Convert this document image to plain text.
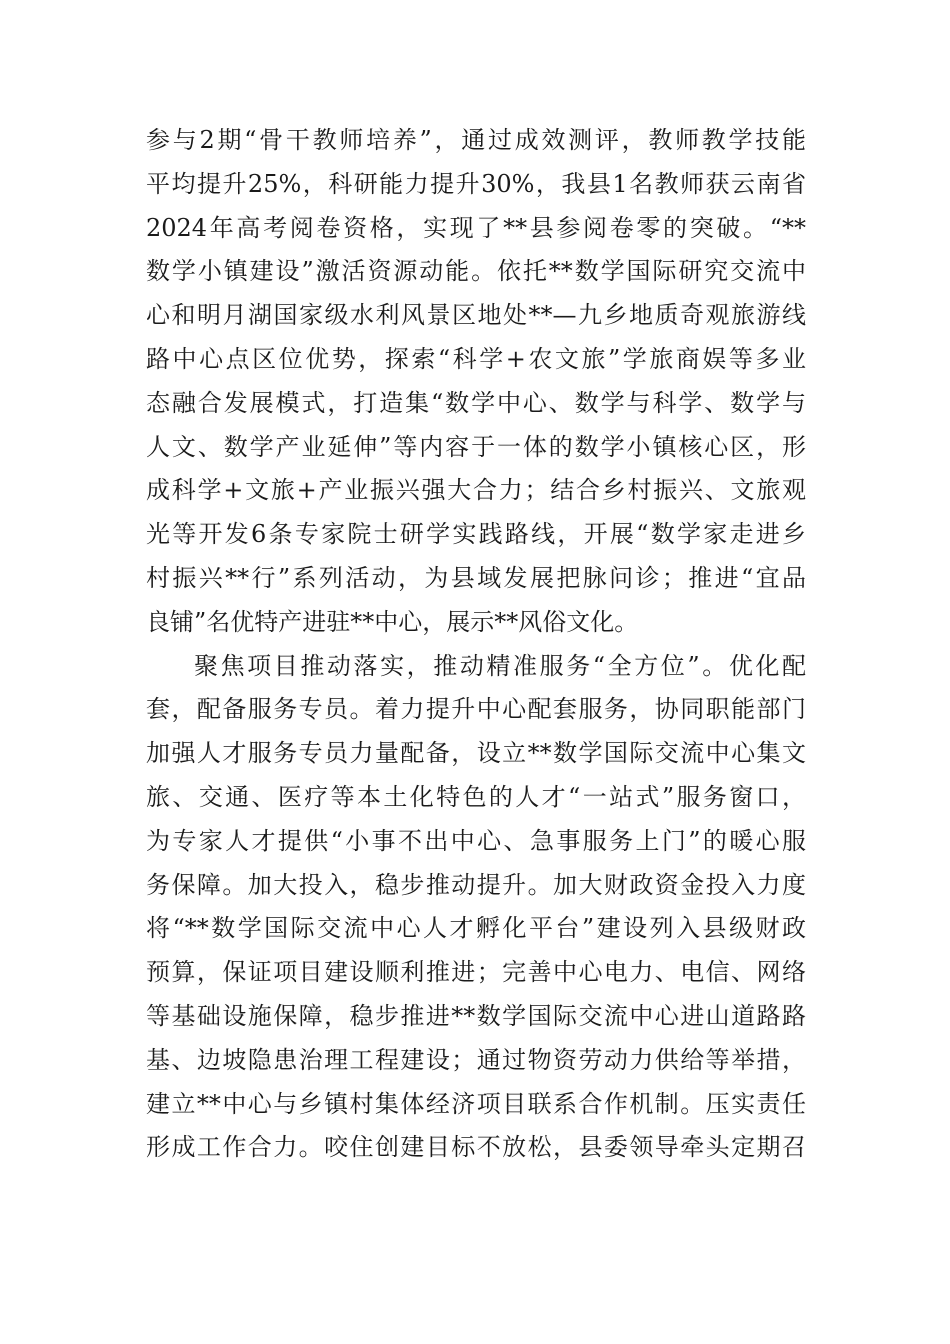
参与2期“骨干教师培养”，通过成效测评，教师教学技能
平均提升25%，科研能力提升30%，我县1名教师获云南省
2024年高考阅卷资格，实现了**县参阅卷零的突破。“**
数学小镇建设”激活资源动能。依托**数学国际研究交流中
心和明月湖国家级水利风景区地处**—九乡地质奇观旅游线
路中心点区位优势，探索“科学+农文旅”学旅商娱等多业
态融合发展模式，打造集“数学中心、数学与科学、数学与
人文、数学产业延伸”等内容于一体的数学小镇核心区，形
成科学+文旅+产业振兴强大合力；结合乡村振兴、文旅观
光等开发6条专家院士研学实践路线，开展“数学家走进乡
村振兴**行”系列活动，为县域发展把脉问诊；推进“宜品
良铺”名优特产进驻**中心，展示**风俗文化。
聚焦项目推动落实，推动精准服务“全方位”。优化配
套，配备服务专员。着力提升中心配套服务，协同职能部门
加强人才服务专员力量配备，设立**数学国际交流中心集文
旅、交通、医疗等本土化特色的人才“一站式”服务窗口，
为专家人才提供“小事不出中心、急事服务上门”的暖心服
务保障。加大投入，稳步推动提升。加大财政资金投入力度
将“**数学国际交流中心人才孵化平台”建设列入县级财政
预算，保证项目建设顺利推进；完善中心电力、电信、网络
等基础设施保障，稳步推进**数学国际交流中心进山道路路
基、边坡隐患治理工程建设；通过物资劳动力供给等举措，
建立**中心与乡镇村集体经济项目联系合作机制。压实责任
形成工作合力。咬住创建目标不放松，县委领导牵头定期召
